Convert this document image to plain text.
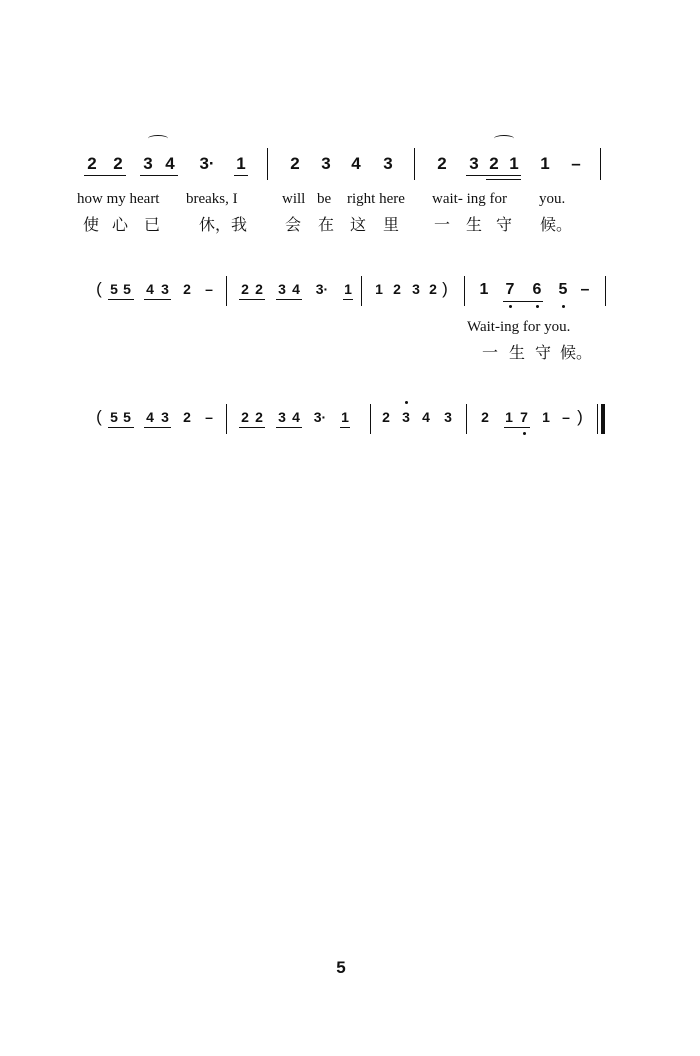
2 2 3 4 3· 1	2 3 4 3	2 3 2 1 1 –
how my heart breaks, I	will be right here wait- ing for you.
使 心 已 休，我 会 在 这 里 一 生 守 候。
( 5 5 4 3 2 – 2 2 3 4 3· 1 1 2 3 2 ) 1 7 6 5 –
Wait-ing for you.
一 生 守 候。
( 5 5 4 3 2 – 2 2 3 4 3· 1 2 3 4 3 2 1 7 1 – )
5
